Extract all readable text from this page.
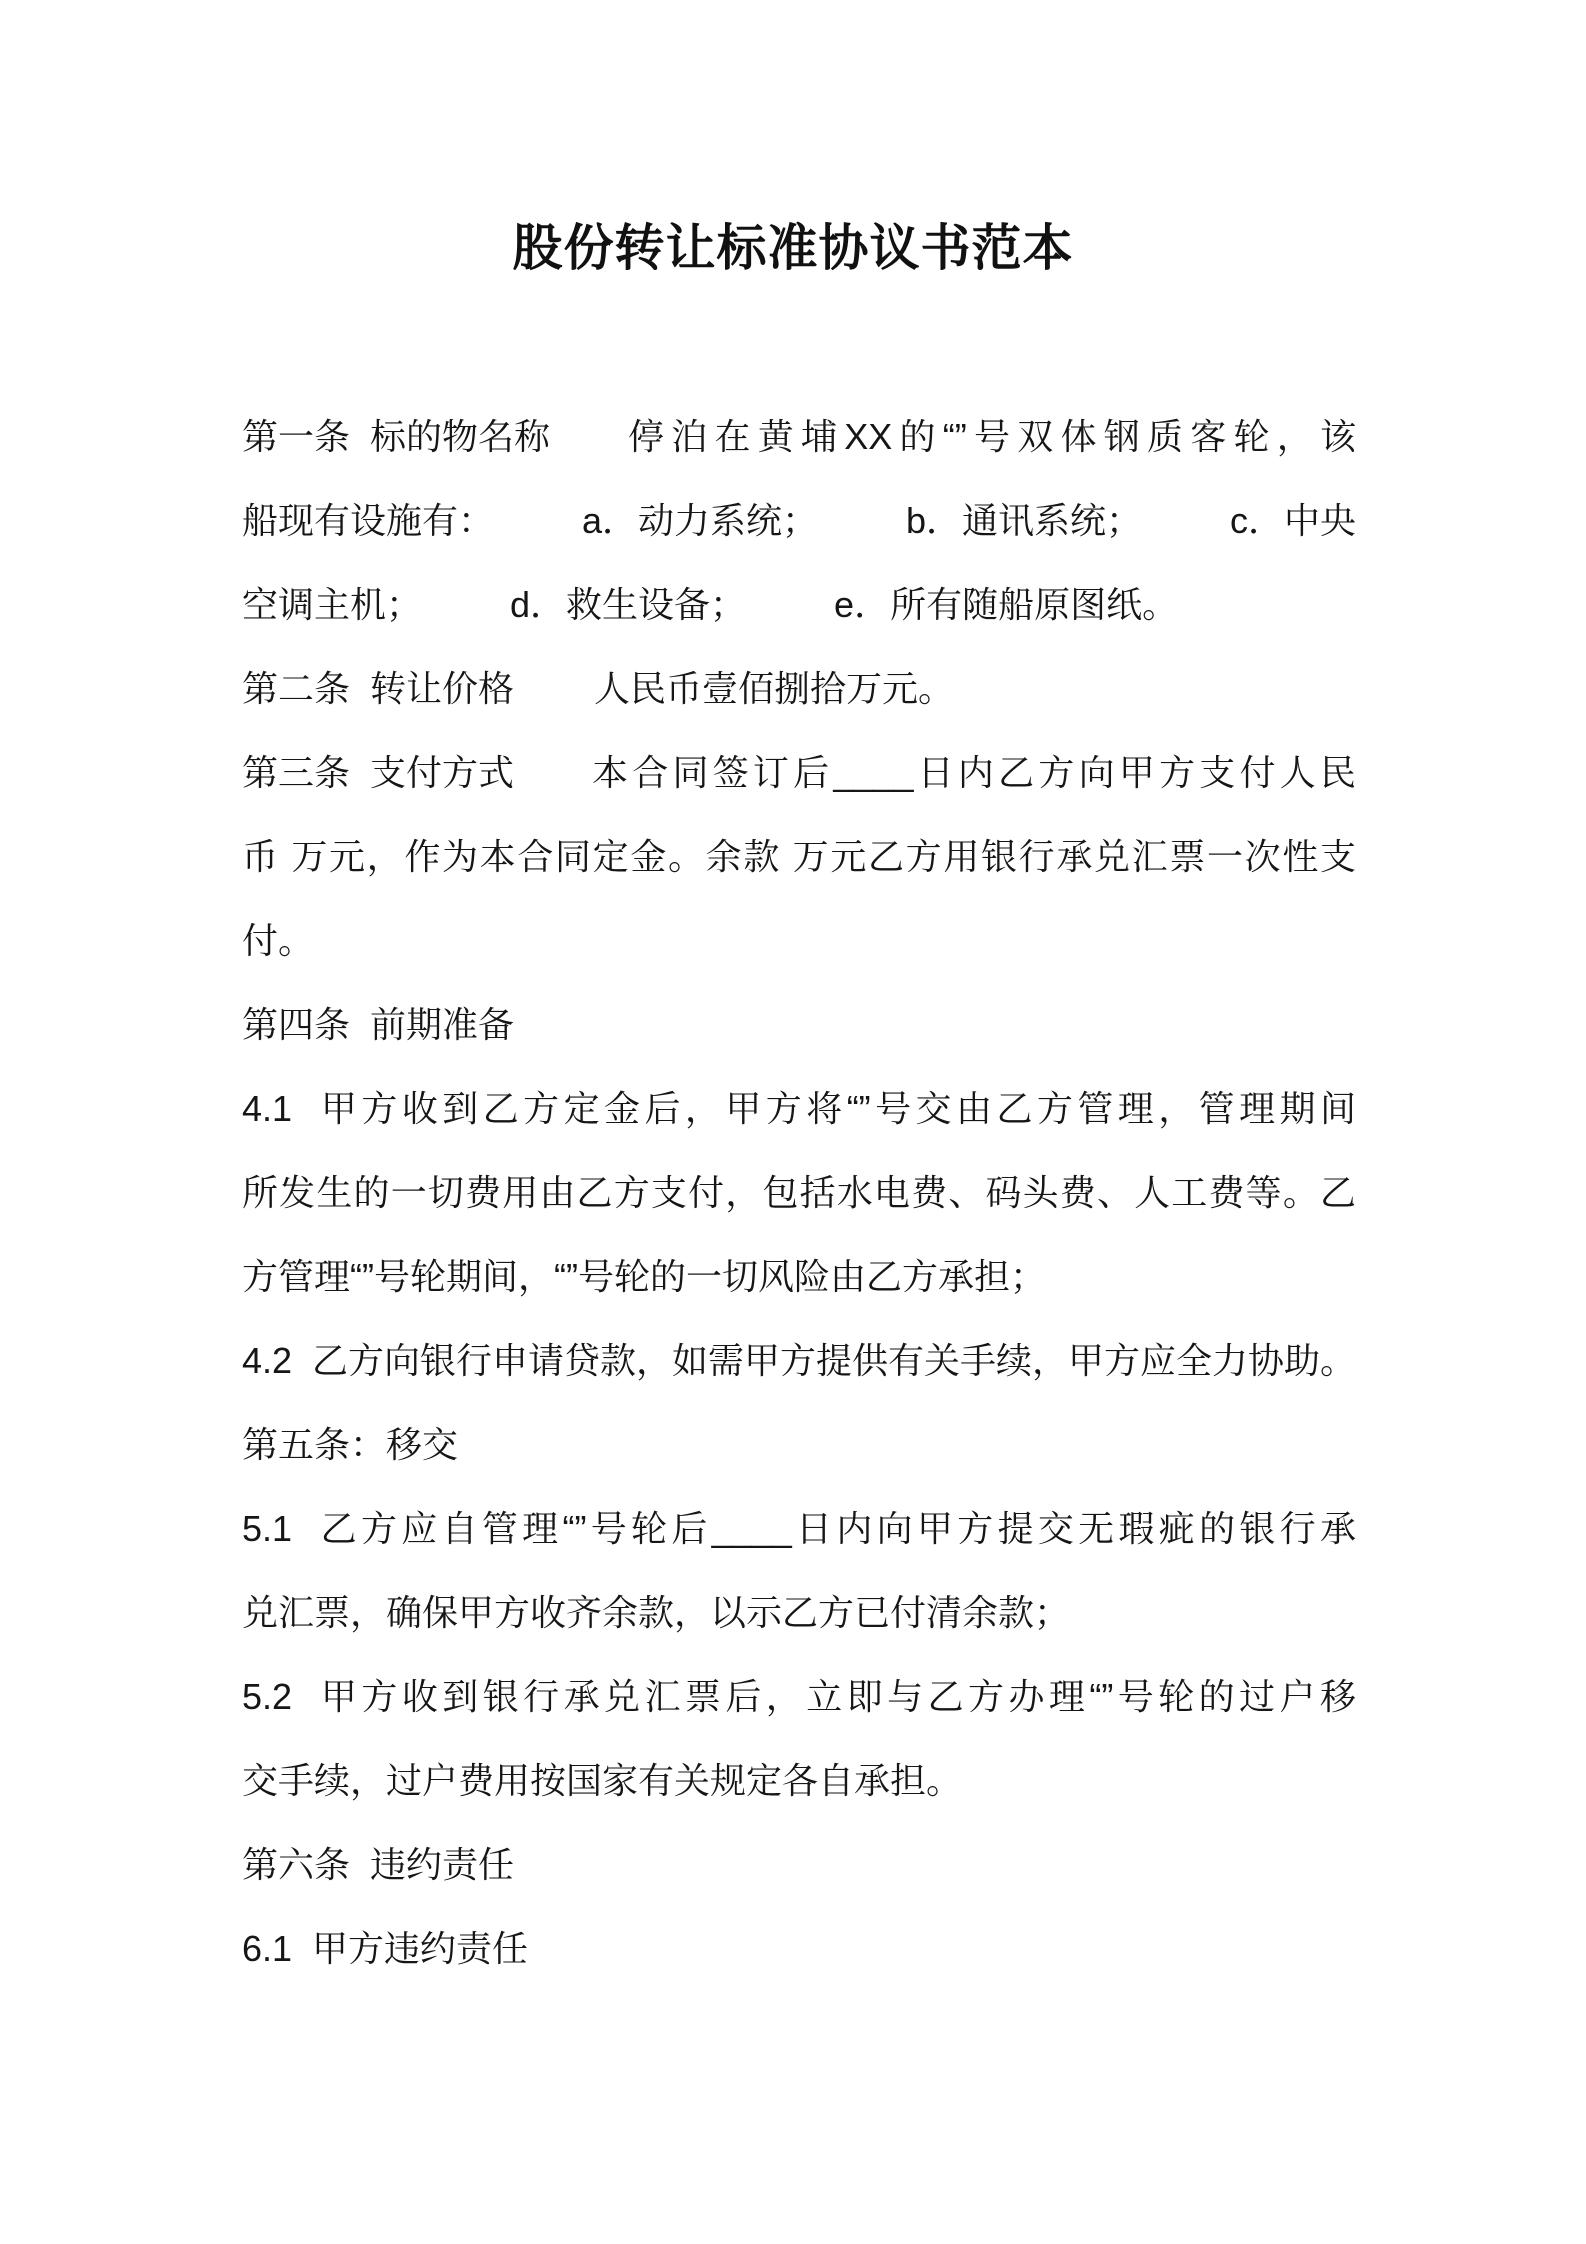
股份转让标准协议书范本
第一条  标的物名称 停泊在黄埔XX的“”号双体钢质客轮，该
船现有设施有： a．动力系统； b．通讯系统； c．中央
空调主机； d．救生设备； e．所有随船原图纸。
第二条  转让价格 人民币壹佰捌拾万元。
第三条  支付方式 本合同签订后____日内乙方向甲方支付人民
币 万元，作为本合同定金。余款 万元乙方用银行承兑汇票一次性支
付。
第四条  前期准备
4.1  甲方收到乙方定金后，甲方将“”号交由乙方管理，管理期间
所发生的一切费用由乙方支付，包括水电费、码头费、人工费等。乙
方管理“”号轮期间，“”号轮的一切风险由乙方承担；
4.2  乙方向银行申请贷款，如需甲方提供有关手续，甲方应全力协助。
第五条：移交
5.1  乙方应自管理“”号轮后____日内向甲方提交无瑕疵的银行承
兑汇票，确保甲方收齐余款，以示乙方已付清余款；
5.2  甲方收到银行承兑汇票后，立即与乙方办理“”号轮的过户移
交手续，过户费用按国家有关规定各自承担。
第六条  违约责任
6.1  甲方违约责任
